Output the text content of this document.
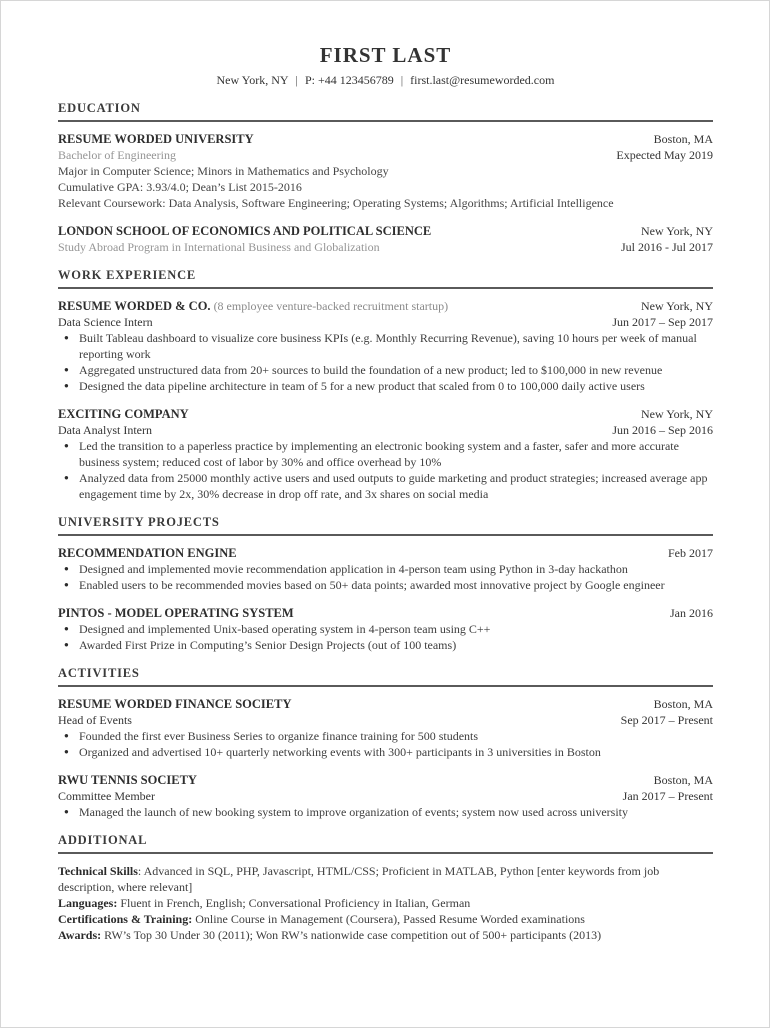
FIRST LAST
New York, NY | P: +44 123456789 | first.last@resumeworded.com
EDUCATION
RESUME WORDED UNIVERSITY	Boston, MA
Bachelor of Engineering	Expected May 2019
Major in Computer Science; Minors in Mathematics and Psychology
Cumulative GPA: 3.93/4.0; Dean’s List 2015-2016
Relevant Coursework: Data Analysis, Software Engineering; Operating Systems; Algorithms; Artificial Intelligence
LONDON SCHOOL OF ECONOMICS AND POLITICAL SCIENCE	New York, NY
Study Abroad Program in International Business and Globalization	Jul 2016 - Jul 2017
WORK EXPERIENCE
RESUME WORDED & CO. (8 employee venture-backed recruitment startup)	New York, NY
Data Science Intern	Jun 2017 – Sep 2017
● Built Tableau dashboard to visualize core business KPIs (e.g. Monthly Recurring Revenue), saving 10 hours per week of manual reporting work
● Aggregated unstructured data from 20+ sources to build the foundation of a new product; led to $100,000 in new revenue
● Designed the data pipeline architecture in team of 5 for a new product that scaled from 0 to 100,000 daily active users
EXCITING COMPANY	New York, NY
Data Analyst Intern	Jun 2016 – Sep 2016
● Led the transition to a paperless practice by implementing an electronic booking system and a faster, safer and more accurate business system; reduced cost of labor by 30% and office overhead by 10%
● Analyzed data from 25000 monthly active users and used outputs to guide marketing and product strategies; increased average app engagement time by 2x, 30% decrease in drop off rate, and 3x shares on social media
UNIVERSITY PROJECTS
RECOMMENDATION ENGINE	Feb 2017
● Designed and implemented movie recommendation application in 4-person team using Python in 3-day hackathon
● Enabled users to be recommended movies based on 50+ data points; awarded most innovative project by Google engineer
PINTOS - MODEL OPERATING SYSTEM	Jan 2016
● Designed and implemented Unix-based operating system in 4-person team using C++
● Awarded First Prize in Computing’s Senior Design Projects (out of 100 teams)
ACTIVITIES
RESUME WORDED FINANCE SOCIETY	Boston, MA
Head of Events	Sep 2017 – Present
● Founded the first ever Business Series to organize finance training for 500 students
● Organized and advertised 10+ quarterly networking events with 300+ participants in 3 universities in Boston
RWU TENNIS SOCIETY	Boston, MA
Committee Member	Jan 2017 – Present
● Managed the launch of new booking system to improve organization of events; system now used across university
ADDITIONAL
Technical Skills: Advanced in SQL, PHP, Javascript, HTML/CSS; Proficient in MATLAB, Python [enter keywords from job description, where relevant]
Languages: Fluent in French, English; Conversational Proficiency in Italian, German
Certifications & Training: Online Course in Management (Coursera), Passed Resume Worded examinations
Awards: RW’s Top 30 Under 30 (2011); Won RW’s nationwide case competition out of 500+ participants (2013)
